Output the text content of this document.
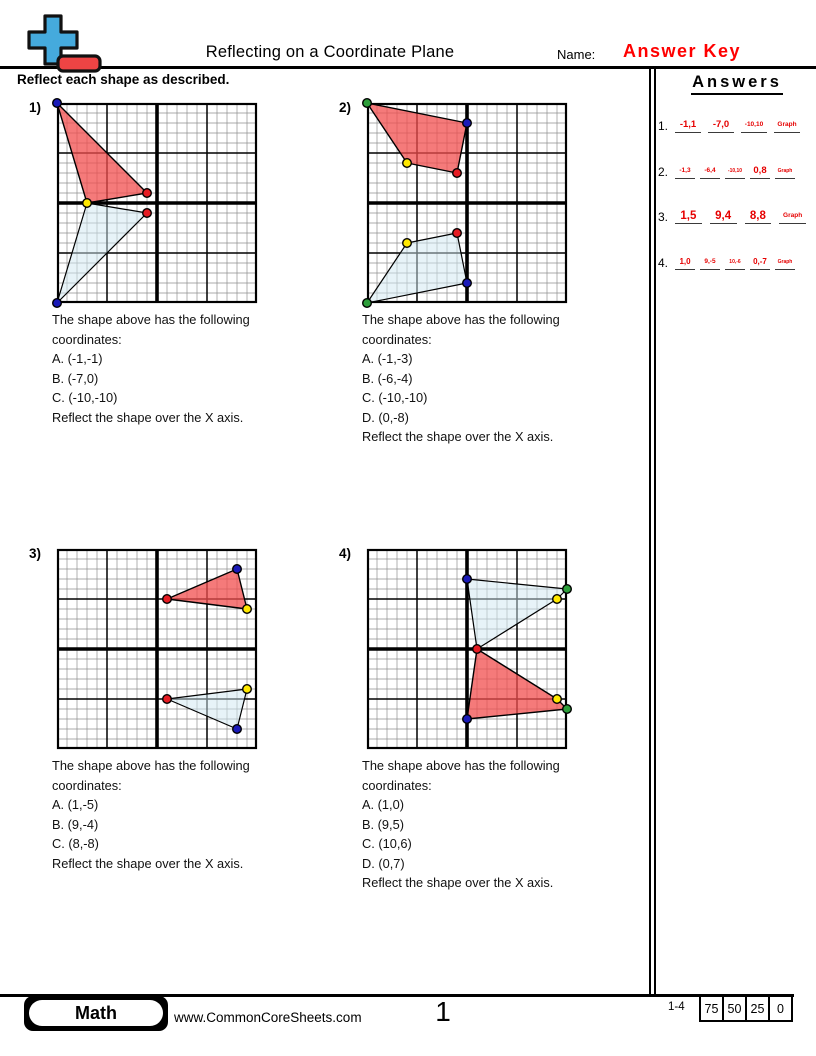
Reflecting on a Coordinate Plane	Name: Answer Key
Reflect each shape as described.	Answers
1.	-1,1	-7,0	-10,10	Graph
2.	-1,3	-6,4	-10,10	0,8	Graph
3.	1,5	9,4	8,8	Graph
4.	1,0	9,-5	10,-6	0,-7	Graph
1)
The shape above has the following
coordinates:
A. (-1,-1)
B. (-7,0)
C. (-10,-10)
Reflect the shape over the X axis.
2)
The shape above has the following
coordinates:
A. (-1,-3)
B. (-6,-4)
C. (-10,-10)
D. (0,-8)
Reflect the shape over the X axis.
3)
The shape above has the following
coordinates:
A. (1,-5)
B. (9,-4)
C. (8,-8)
Reflect the shape over the X axis.
4)
The shape above has the following
coordinates:
A. (1,0)
B. (9,5)
C. (10,6)
D. (0,7)
Reflect the shape over the X axis.
Math	www.CommonCoreSheets.com	1	1-4	75 50 25	0
